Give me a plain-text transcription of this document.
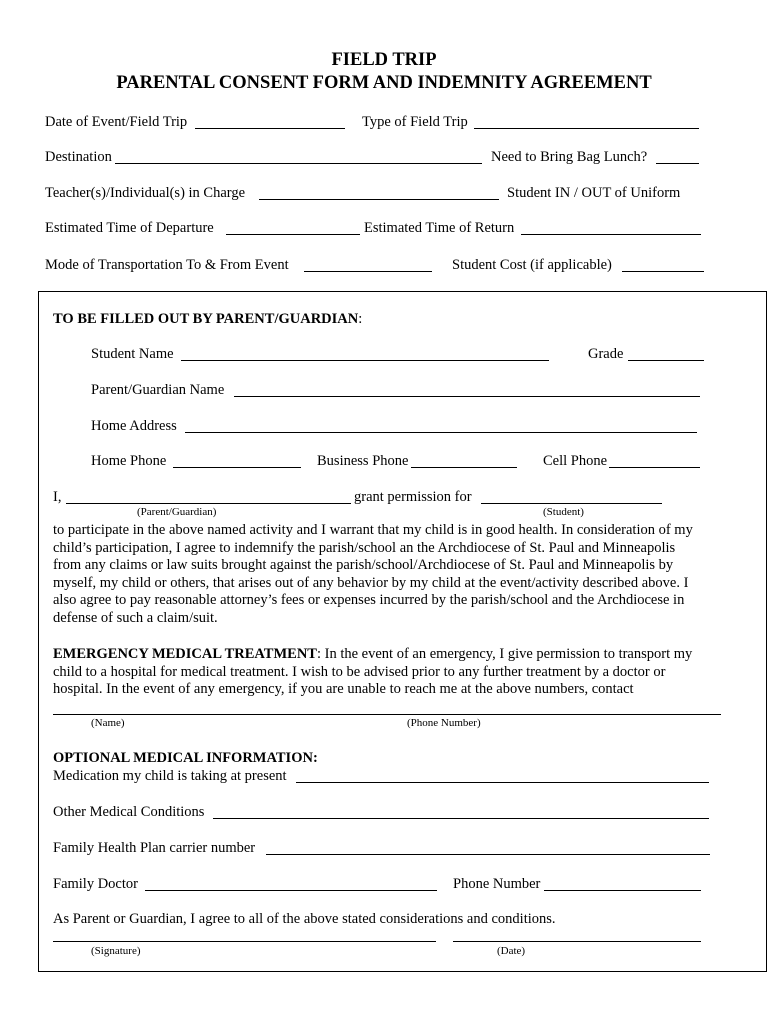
FIELD TRIP
PARENTAL CONSENT FORM AND INDEMNITY AGREEMENT
Date of Event/Field Trip	Type of Field Trip
Destination	Need to Bring Bag Lunch?
Teacher(s)/Individual(s) in Charge	Student IN / OUT of Uniform
Estimated Time of Departure	Estimated Time of Return
Mode of Transportation To & From Event	Student Cost (if applicable)
TO BE FILLED OUT BY PARENT/GUARDIAN:
Student Name	Grade
Parent/Guardian Name
Home Address
Home Phone	Business Phone	Cell Phone
I,	grant permission for
(Parent/Guardian)	(Student)
to participate in the above named activity and I warrant that my child is in good health. In consideration of my
child’s participation, I agree to indemnify the parish/school an the Archdiocese of St. Paul and Minneapolis
from any claims or law suits brought against the parish/school/Archdiocese of St. Paul and Minneapolis by
myself, my child or others, that arises out of any behavior by my child at the event/activity described above. I
also agree to pay reasonable attorney’s fees or expenses incurred by the parish/school and the Archdiocese in
defense of such a claim/suit.
EMERGENCY MEDICAL TREATMENT: In the event of an emergency, I give permission to transport my
child to a hospital for medical treatment. I wish to be advised prior to any further treatment by a doctor or
hospital. In the event of any emergency, if you are unable to reach me at the above numbers, contact
(Name)	(Phone Number)
OPTIONAL MEDICAL INFORMATION:
Medication my child is taking at present
Other Medical Conditions
Family Health Plan carrier number
Family Doctor	Phone Number
As Parent or Guardian, I agree to all of the above stated considerations and conditions.
(Signature)	(Date)
